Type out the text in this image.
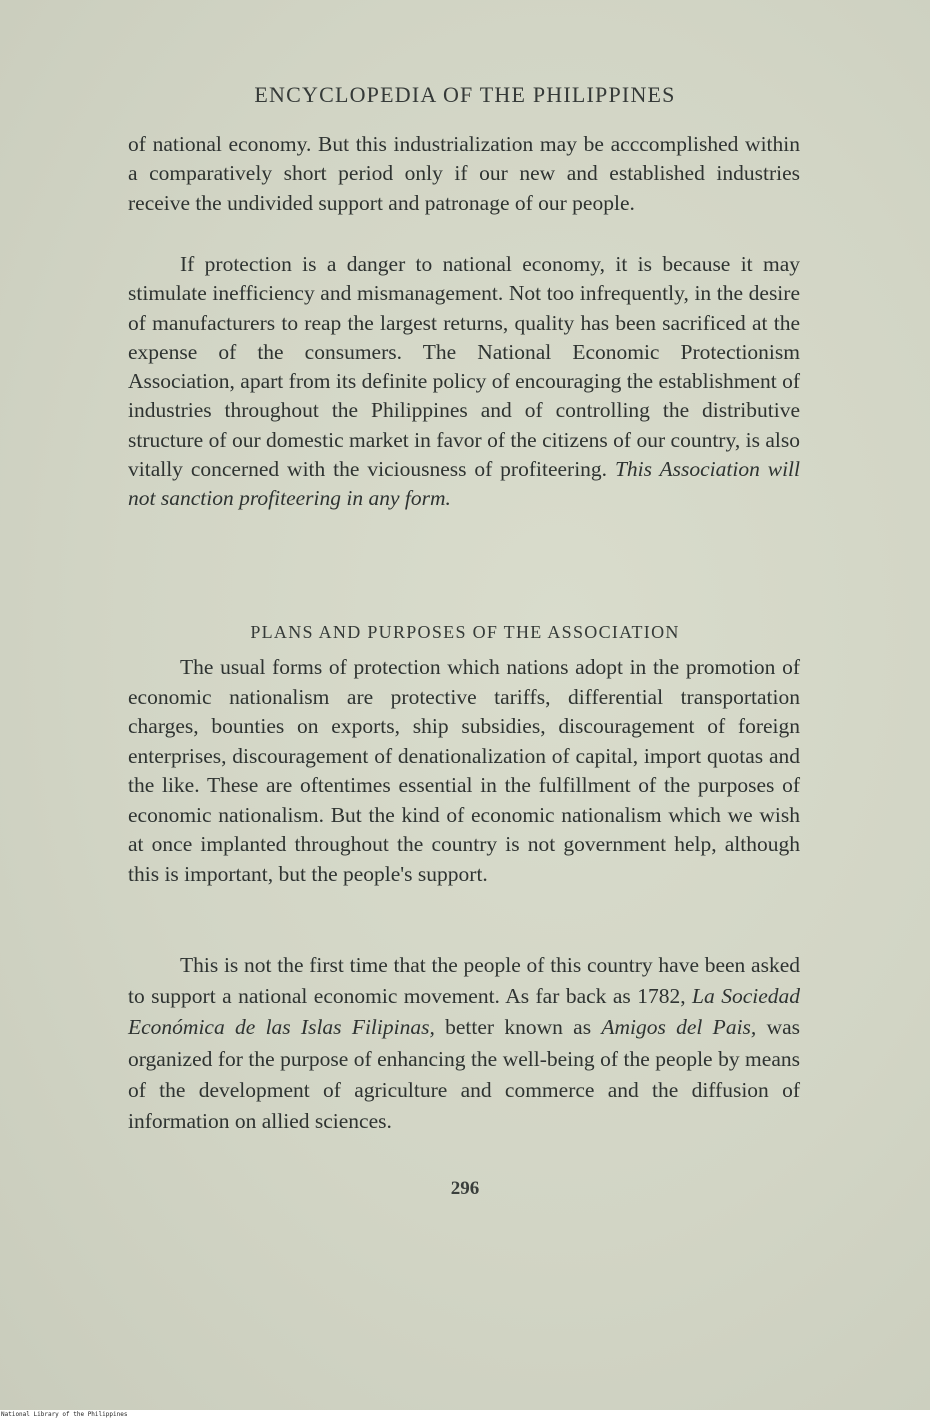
ENCYCLOPEDIA OF THE PHILIPPINES

of national economy. But this industrialization may be acccomplished within a comparatively short period only if our new and established industries receive the undivided support and patronage of our people.

If protection is a danger to national economy, it is because it may stimulate inefficiency and mismanagement. Not too infrequently, in the desire of manufacturers to reap the largest returns, quality has been sacrificed at the expense of the consumers. The National Economic Protectionism Association, apart from its definite policy of encouraging the establishment of industries throughout the Philippines and of controlling the distributive structure of our domestic market in favor of the citizens of our country, is also vitally concerned with the viciousness of profiteering. This Association will not sanction profiteering in any form.

PLANS AND PURPOSES OF THE ASSOCIATION

The usual forms of protection which nations adopt in the promotion of economic nationalism are protective tariffs, differential transportation charges, bounties on exports, ship subsidies, discouragement of foreign enterprises, discouragement of denationalization of capital, import quotas and the like. These are oftentimes essential in the fulfillment of the purposes of economic nationalism. But the kind of economic nationalism which we wish at once implanted throughout the country is not government help, although this is important, but the people's support.

This is not the first time that the people of this country have been asked to support a national economic movement. As far back as 1782, La Sociedad Económica de las Islas Filipinas, better known as Amigos del Pais, was organized for the purpose of enhancing the well-being of the people by means of the development of agriculture and commerce and the diffusion of information on allied sciences.

296
National Library of the Philippines
